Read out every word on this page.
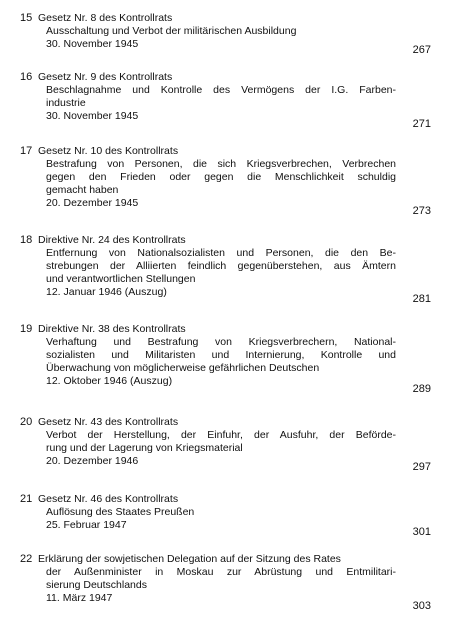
15 Gesetz Nr. 8 des Kontrollrats
Ausschaltung und Verbot der militärischen Ausbildung
30. November 1945	267
16 Gesetz Nr. 9 des Kontrollrats
Beschlagnahme und Kontrolle des Vermögens der I.G. Farben-
industrie
30. November 1945
271
17 Gesetz Nr. 10 des Kontrollrats
Bestrafung von Personen, die sich Kriegsverbrechen, Verbrechen
gegen den Frieden oder gegen die Menschlichkeit schuldig
gemacht haben
20. Dezember 1945
273
18 Direktive Nr. 24 des Kontrollrats
Entfernung von Nationalsozialisten und Personen, die den Be-
strebungen der Alliierten feindlich gegenüberstehen, aus Ämtern
und verantwortlichen Stellungen
12. Januar 1946 (Auszug)
281
19 Direktive Nr. 38 des Kontrollrats
Verhaftung und Bestrafung von Kriegsverbrechern, National-
sozialisten und Militaristen und Internierung, Kontrolle und
Überwachung von möglicherweise gefährlichen Deutschen
12. Oktober 1946 (Auszug)
289
20 Gesetz Nr. 43 des Kontrollrats
Verbot der Herstellung, der Einfuhr, der Ausfuhr, der Beförde-
rung und der Lagerung von Kriegsmaterial
20. Dezember 1946	297
21 Gesetz Nr. 46 des Kontrollrats
Auflösung des Staates Preußen
25. Februar 1947
301
22 Erklärung der sowjetischen Delegation auf der Sitzung des Rates
der Außenminister in Moskau zur Abrüstung und Entmilitari-
sierung Deutschlands
11. März 1947
303
